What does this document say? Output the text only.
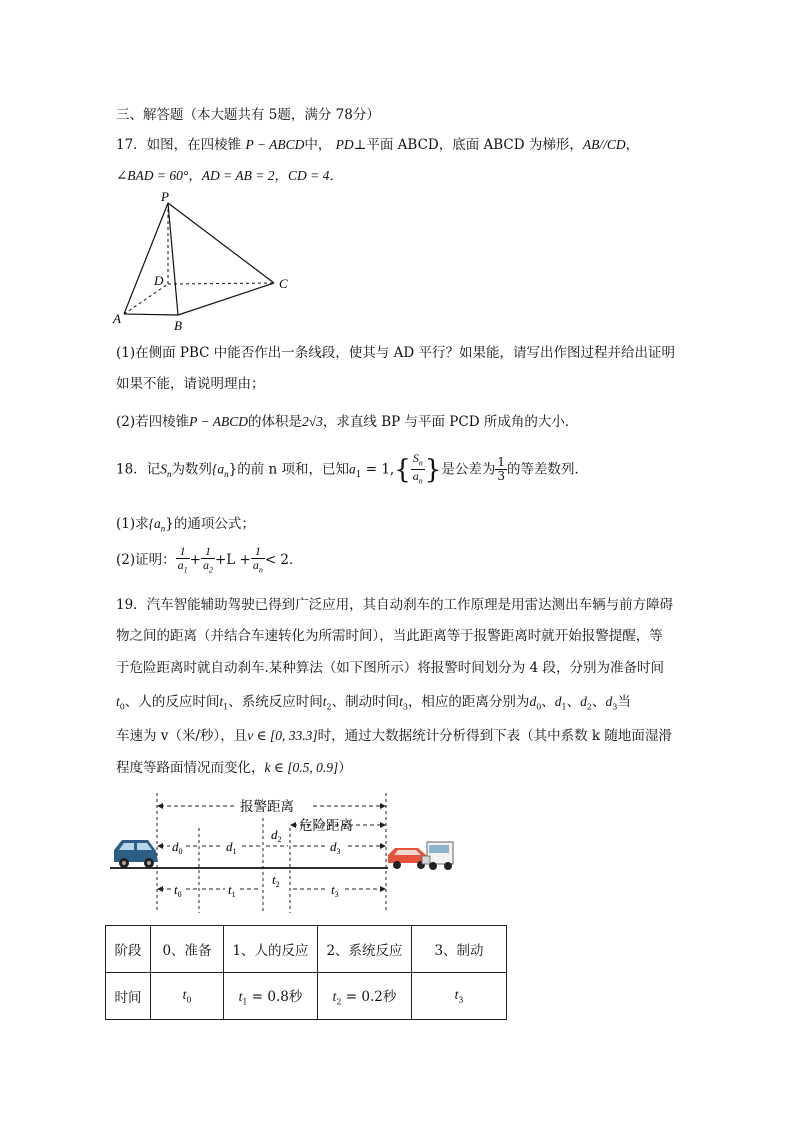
三、解答题（本大题共有 5题，满分 78分）
17．如图，在四棱锥 P − ABCD中， PD⊥平面 ABCD，底面 ABCD 为梯形，AB//CD，
∠BAD = 60°，AD = AB = 2，CD = 4．
P
D	C
A	B
(1)在侧面 PBC 中能否作出一条线段，使其与 AD 平行？如果能，请写出作图过程并给出证明
如果不能，请说明理由；
(2)若四棱锥P − ABCD的体积是2√3，求直线 BP 与平面 PCD 所成角的大小．
18．记$S_n$为数列$\{a_n\}$的前 n 项和，已知$a_1 = 1,\{ \frac{S_n}{a_n}$ }是公差为 $\frac{1}{3}$ 的等差数列．
(1)求$\{a_n\}$的通项公式；
(2)证明： $\frac{1}{a_1} + \frac{1}{a_2} +L + \frac{1}{a_n} < 2$．
19．汽车智能辅助驾驶已得到广泛应用，其自动刹车的工作原理是用雷达测出车辆与前方障碍
物之间的距离（并结合车速转化为所需时间），当此距离等于报警距离时就开始报警提醒，等
于危险距离时就自动刹车.某种算法（如下图所示）将报警时间划分为 4 段，分别为准备时间
$t_0$、人的反应时间$t_1$、系统反应时间$t_2$、制动时间$t_3$，相应的距离分别为$d_0$、$d_1$、$d_2$、$d_3$当
车速为 v（米/秒），且v ∈ [0, 33.3]时，通过大数据统计分析得到下表（其中系数 k 随地面湿滑
程度等路面情况而变化，k ∈ [0.5, 0.9]）
报警距离
危险距离
$d_0$	$d_1$
$d_2$	$d_3$
$t_0$	$t_1$
$t_2$	$t_3$
阶段	0、准备	1、人的反应	2、系统反应	3、制动
时间	$t_0$	$t_1 = 0.8$秒	$t_2 = 0.2$秒	$t_3$
